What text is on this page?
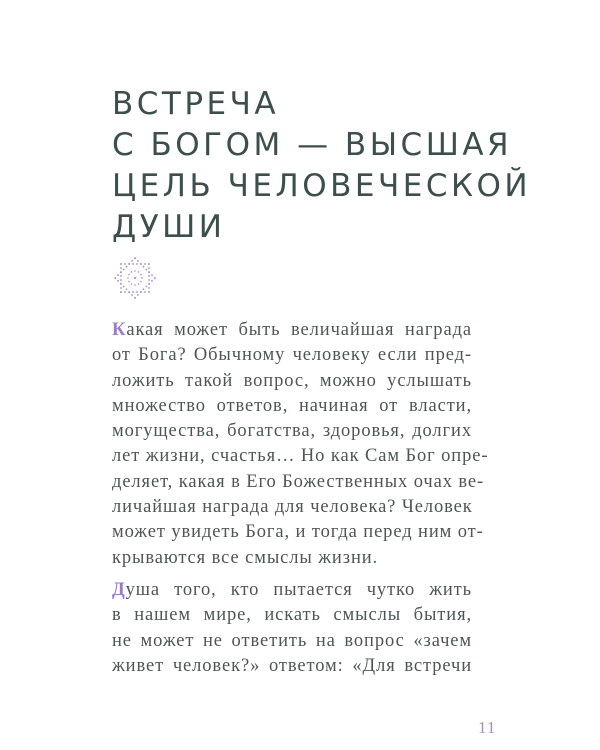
ВСТРЕЧА
С БОГОМ — ВЫСШАЯ
ЦЕЛЬ ЧЕЛОВЕЧЕСКОЙ
ДУШИ
Какая может быть величайшая награда
от Бога? Обычному человеку если пред-
ложить такой вопрос, можно услышать
множество ответов, начиная от власти,
могущества, богатства, здоровья, долгих
лет жизни, счастья… Но как Сам Бог опре-
деляет, какая в Его Божественных очах ве-
личайшая награда для человека? Человек
может увидеть Бога, и тогда перед ним от-
крываются все смыслы жизни.
Душа того, кто пытается чутко жить
в нашем мире, искать смыслы бытия,
не может не ответить на вопрос «зачем
живет человек?» ответом: «Для встречи
11
